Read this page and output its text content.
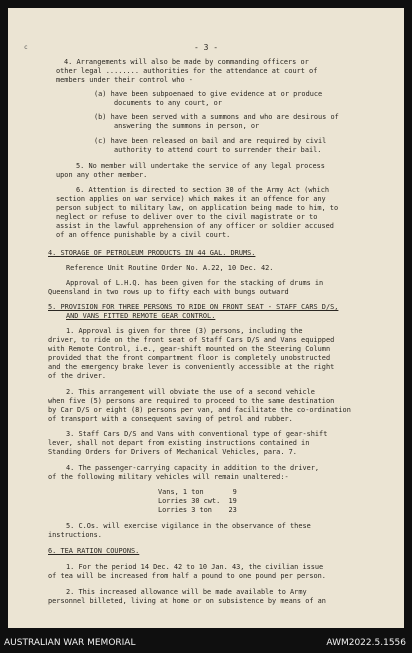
c

	- 3 -

4. Arrangements will also be made by commanding officers or

other legal ........ authorities for the attendance at court of

members under their control who -

(a) have been subpoenaed to give evidence at or produce

documents to any court, or

(b) have been served with a summons and who are desirous of

answering the summons in person, or

(c) have been released on bail and are required by civil

authority to attend court to surrender their bail.

5. No member will undertake the service of any legal process

upon any other member.

6. Attention is directed to section 30 of the Army Act (which

section applies on war service) which makes it an offence for any

person subject to military law, on application being made to him, to

neglect or refuse to deliver over to the civil magistrate or to

assist in the lawful apprehension of any officer or soldier accused

of an offence punishable by a civil court.

4. STORAGE OF PETROLEUM PRODUCTS IN 44 GAL. DRUMS.

Reference Unit Routine Order No. A.22, 10 Dec. 42.

Approval of L.H.Q. has been given for the stacking of drums in

Queensland in two rows up to fifty each with bungs outward

5. PROVISION FOR THREE PERSONS TO RIDE ON FRONT SEAT - STAFF CARS D/S,

AND VANS FITTED REMOTE GEAR CONTROL.

1. Approval is given for three (3) persons, including the

driver, to ride on the front seat of Staff Cars D/S and Vans equipped

with Remote Control, i.e., gear-shift mounted on the Steering Column

provided that the front compartment floor is completely unobstructed

and the emergency brake lever is conveniently accessible at the right

of the driver.

2. This arrangement will obviate the use of a second vehicle

when five (5) persons are required to proceed to the same destination

by Car D/S or eight (8) persons per van, and facilitate the co-ordination

of transport with a consequent saving of petrol and rubber.

3. Staff Cars D/S and Vans with conventional type of gear-shift

lever, shall not depart from existing instructions contained in

Standing Orders for Drivers of Mechanical Vehicles, para. 7.

4. The passenger-carrying capacity in addition to the driver,

of the following military vehicles will remain unaltered:-

Vans, 1 ton       9

Lorries 30 cwt.  19

Lorries 3 ton    23

5. C.Os. will exercise vigilance in the observance of these

instructions.

6. TEA RATION COUPONS.

1. For the period 14 Dec. 42 to 10 Jan. 43, the civilian issue

of tea will be increased from half a pound to one pound per person.

2. This increased allowance will be made available to Army

personnel billeted, living at home or on subsistence by means of an

AUSTRALIAN WAR MEMORIAL	AWM2022.5.1556
